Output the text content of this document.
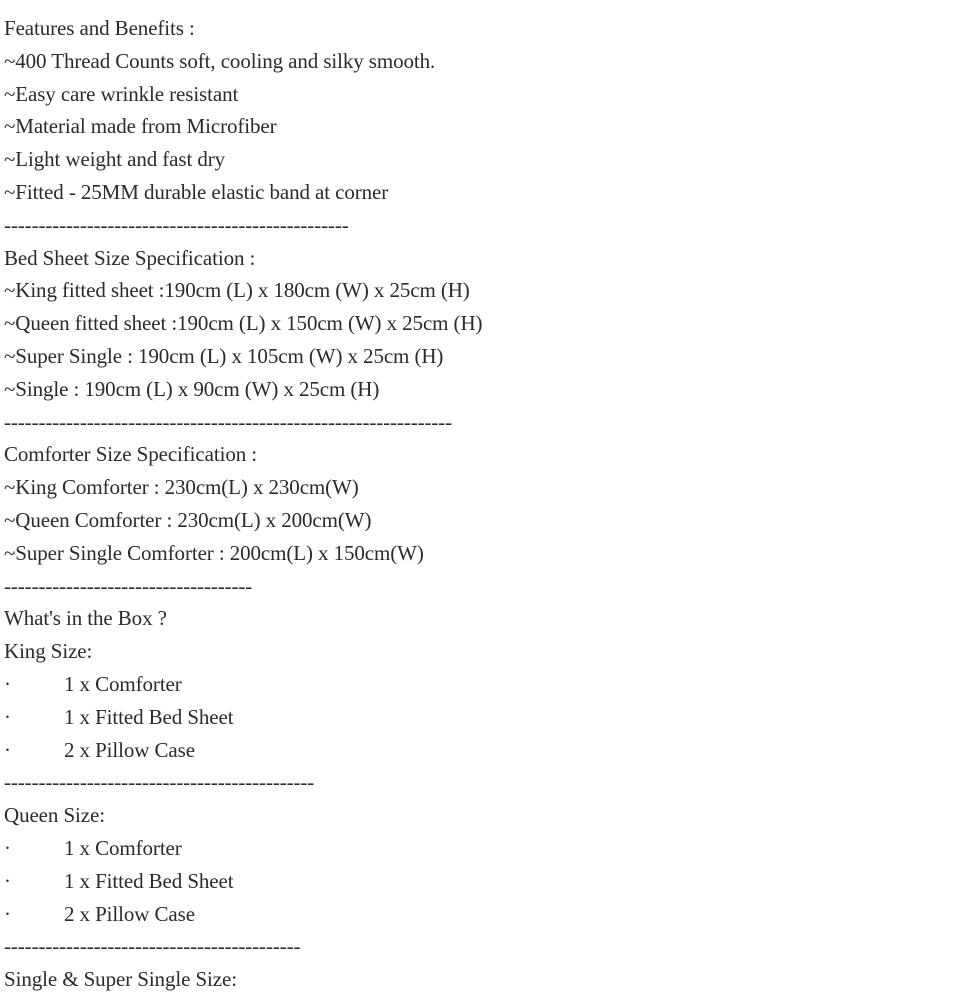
Features and Benefits :
~400 Thread Counts soft, cooling and silky smooth.
~Easy care wrinkle resistant
~Material made from Microfiber
~Light weight and fast dry
~Fitted - 25MM durable elastic band at corner
--------------------------------------------------
Bed Sheet Size Specification :
~King fitted sheet :190cm (L) x 180cm (W) x 25cm (H)
~Queen fitted sheet :190cm (L) x 150cm (W) x 25cm (H)
~Super Single : 190cm (L) x 105cm (W) x 25cm (H)
~Single : 190cm (L) x 90cm (W) x 25cm (H)
-----------------------------------------------------------------
Comforter Size Specification :
~King Comforter : 230cm(L) x 230cm(W)
~Queen Comforter : 230cm(L) x 200cm(W)
~Super Single Comforter : 200cm(L) x 150cm(W)
------------------------------------
What's in the Box ?
King Size:
·	1 x Comforter
·	1 x Fitted Bed Sheet
·	2 x Pillow Case
---------------------------------------------
Queen Size:
·	1 x Comforter
·	1 x Fitted Bed Sheet
·	2 x Pillow Case
-------------------------------------------
Single & Super Single Size:
